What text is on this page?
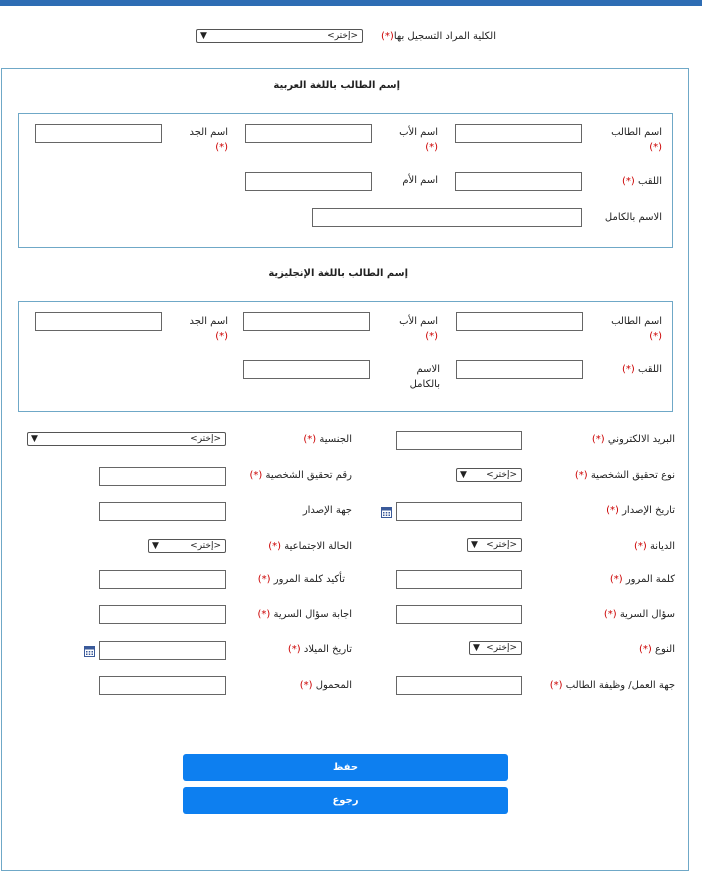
الكلية المراد التسجيل بها(*)
<إختر>
▼
إسم الطالب باللغة العربية
اسم الطالب
(*)
اسم الأب
(*)
اسم الجد
(*)
اللقب (*)
اسم الأم
الاسم بالكامل
إسم الطالب باللغة الإنجليزية
اسم الطالب
(*)
اسم الأب
(*)
اسم الجد
(*)
اللقب (*)
الاسم بالكامل
البريد الالكتروني (*)
الجنسية (*)
<إختر>
▼
نوع تحقيق الشخصية (*)
<إختر>
▼
رقم تحقيق الشخصية (*)
تاريخ الإصدار (*)
جهة الإصدار
الديانة (*)
<إختر>
▼
الحالة الاجتماعية (*)
<إختر>
▼
كلمة المرور (*)
تأكيد كلمة المرور (*)
سؤال السرية (*)
اجابة سؤال السرية (*)
النوع (*)
<إختر>
▼
تاريخ الميلاد (*)
جهة العمل/ وظيفة الطالب (*)
المحمول (*)
حفظ
رجوع
